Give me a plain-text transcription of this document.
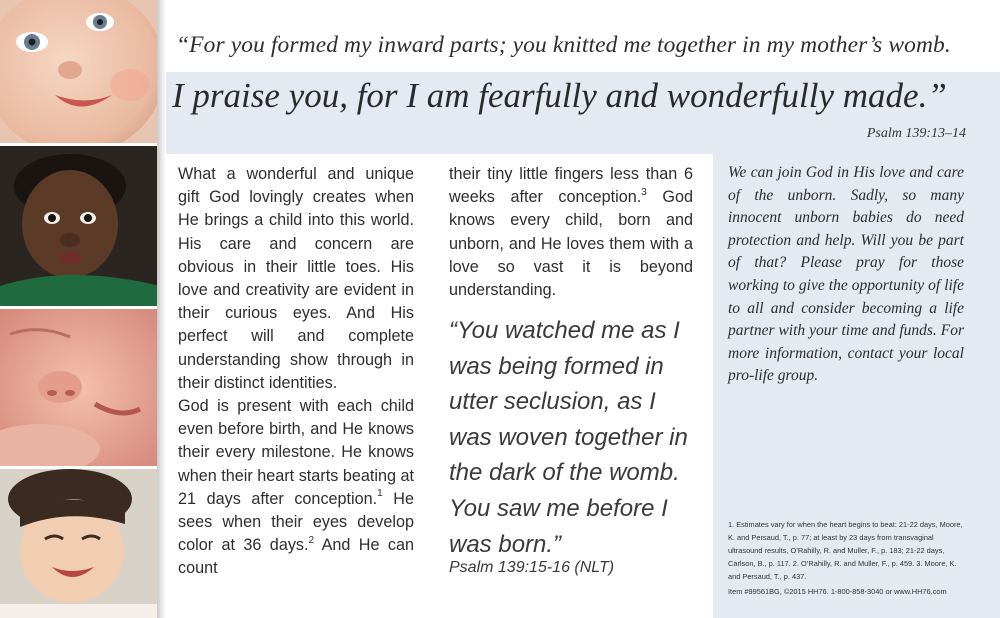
“For you formed my inward parts; you knitted me together in my mother’s womb.
I praise you, for I am fearfully and wonderfully made.”
Psalm 139:13–14

What a wonderful and unique gift God lovingly creates when He brings a child into this world. His care and concern are obvious in their little toes. His love and creativity are evident in their curious eyes. And His perfect will and complete understanding show through in their distinct identities.

God is present with each child even before birth, and He knows their every milestone. He knows when their heart starts beating at 21 days after conception.$^1$ He sees when their eyes develop color at 36 days.$^2$ And He can count

their tiny little fingers less than 6 weeks after conception.$^3$ God knows every child, born and unborn, and He loves them with a love so vast it is beyond understanding.

“You watched me as I was being formed in utter seclusion, as I was woven together in the dark of the womb. You saw me before I was born.”
Psalm 139:15-16 (NLT)
We can join God in His love and care of the unborn. Sadly, so many innocent unborn babies do need protection and help. Will you be part of that? Please pray for those working to give the opportunity of life to all and consider becoming a life partner with your time and funds. For more information, contact your local pro-life group.
1. Estimates vary for when the heart begins to beat: 21-22 days, Moore, K. and Persaud, T., p. 77; at least by 23 days from transvaginal ultrasound results, O’Rahilly, R. and Muller, F., p. 183; 21-22 days, Carlson, B., p. 117. 2. O’Rahilly, R. and Muller, F., p. 459. 3. Moore, K. and Persaud, T., p. 437.
Item #99561BG, ©2015 HH76. 1-800-858-3040 or www.HH76.com
